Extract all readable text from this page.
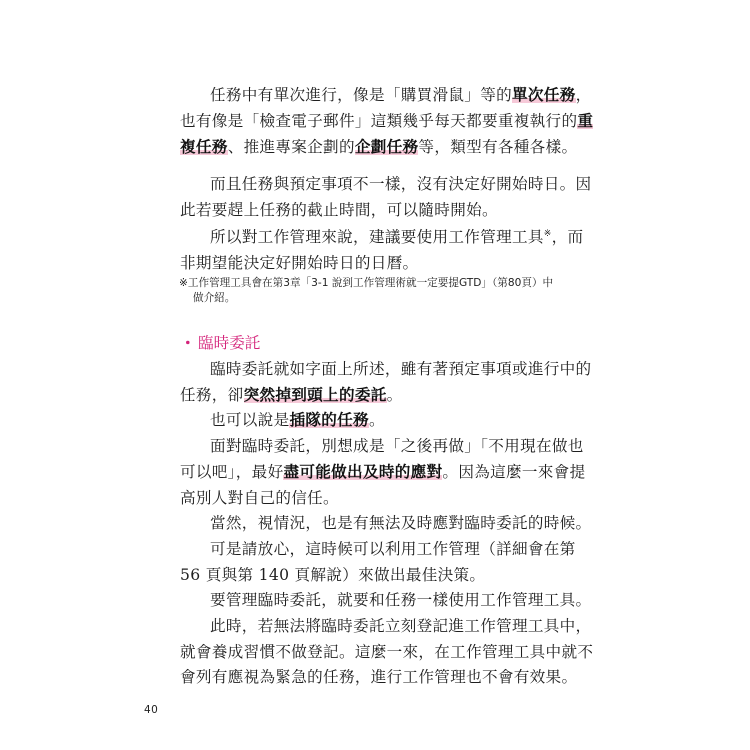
任務中有單次進行，像是「購買滑鼠」等的單次任務，
也有像是「檢查電子郵件」這類幾乎每天都要重複執行的重
複任務、推進專案企劃的企劃任務等，類型有各種各樣。
而且任務與預定事項不一樣，沒有決定好開始時日。因
此若要趕上任務的截止時間，可以隨時開始。
所以對工作管理來說，建議要使用工作管理工具※，而
非期望能決定好開始時日的日曆。
※工作管理工具會在第3章「3-1 說到工作管理術就一定要提GTD」（第80頁）中
做介紹。
・ 臨時委託
臨時委託就如字面上所述，雖有著預定事項或進行中的
任務，卻突然掉到頭上的委託。
也可以說是插隊的任務。
面對臨時委託，別想成是「之後再做」「不用現在做也
可以吧」，最好盡可能做出及時的應對。因為這麼一來會提
高別人對自己的信任。
當然，視情況，也是有無法及時應對臨時委託的時候。
可是請放心，這時候可以利用工作管理（詳細會在第
56 頁與第 140 頁解說）來做出最佳決策。
要管理臨時委託，就要和任務一樣使用工作管理工具。
此時，若無法將臨時委託立刻登記進工作管理工具中，
就會養成習慣不做登記。這麼一來，在工作管理工具中就不
會列有應視為緊急的任務，進行工作管理也不會有效果。
40
